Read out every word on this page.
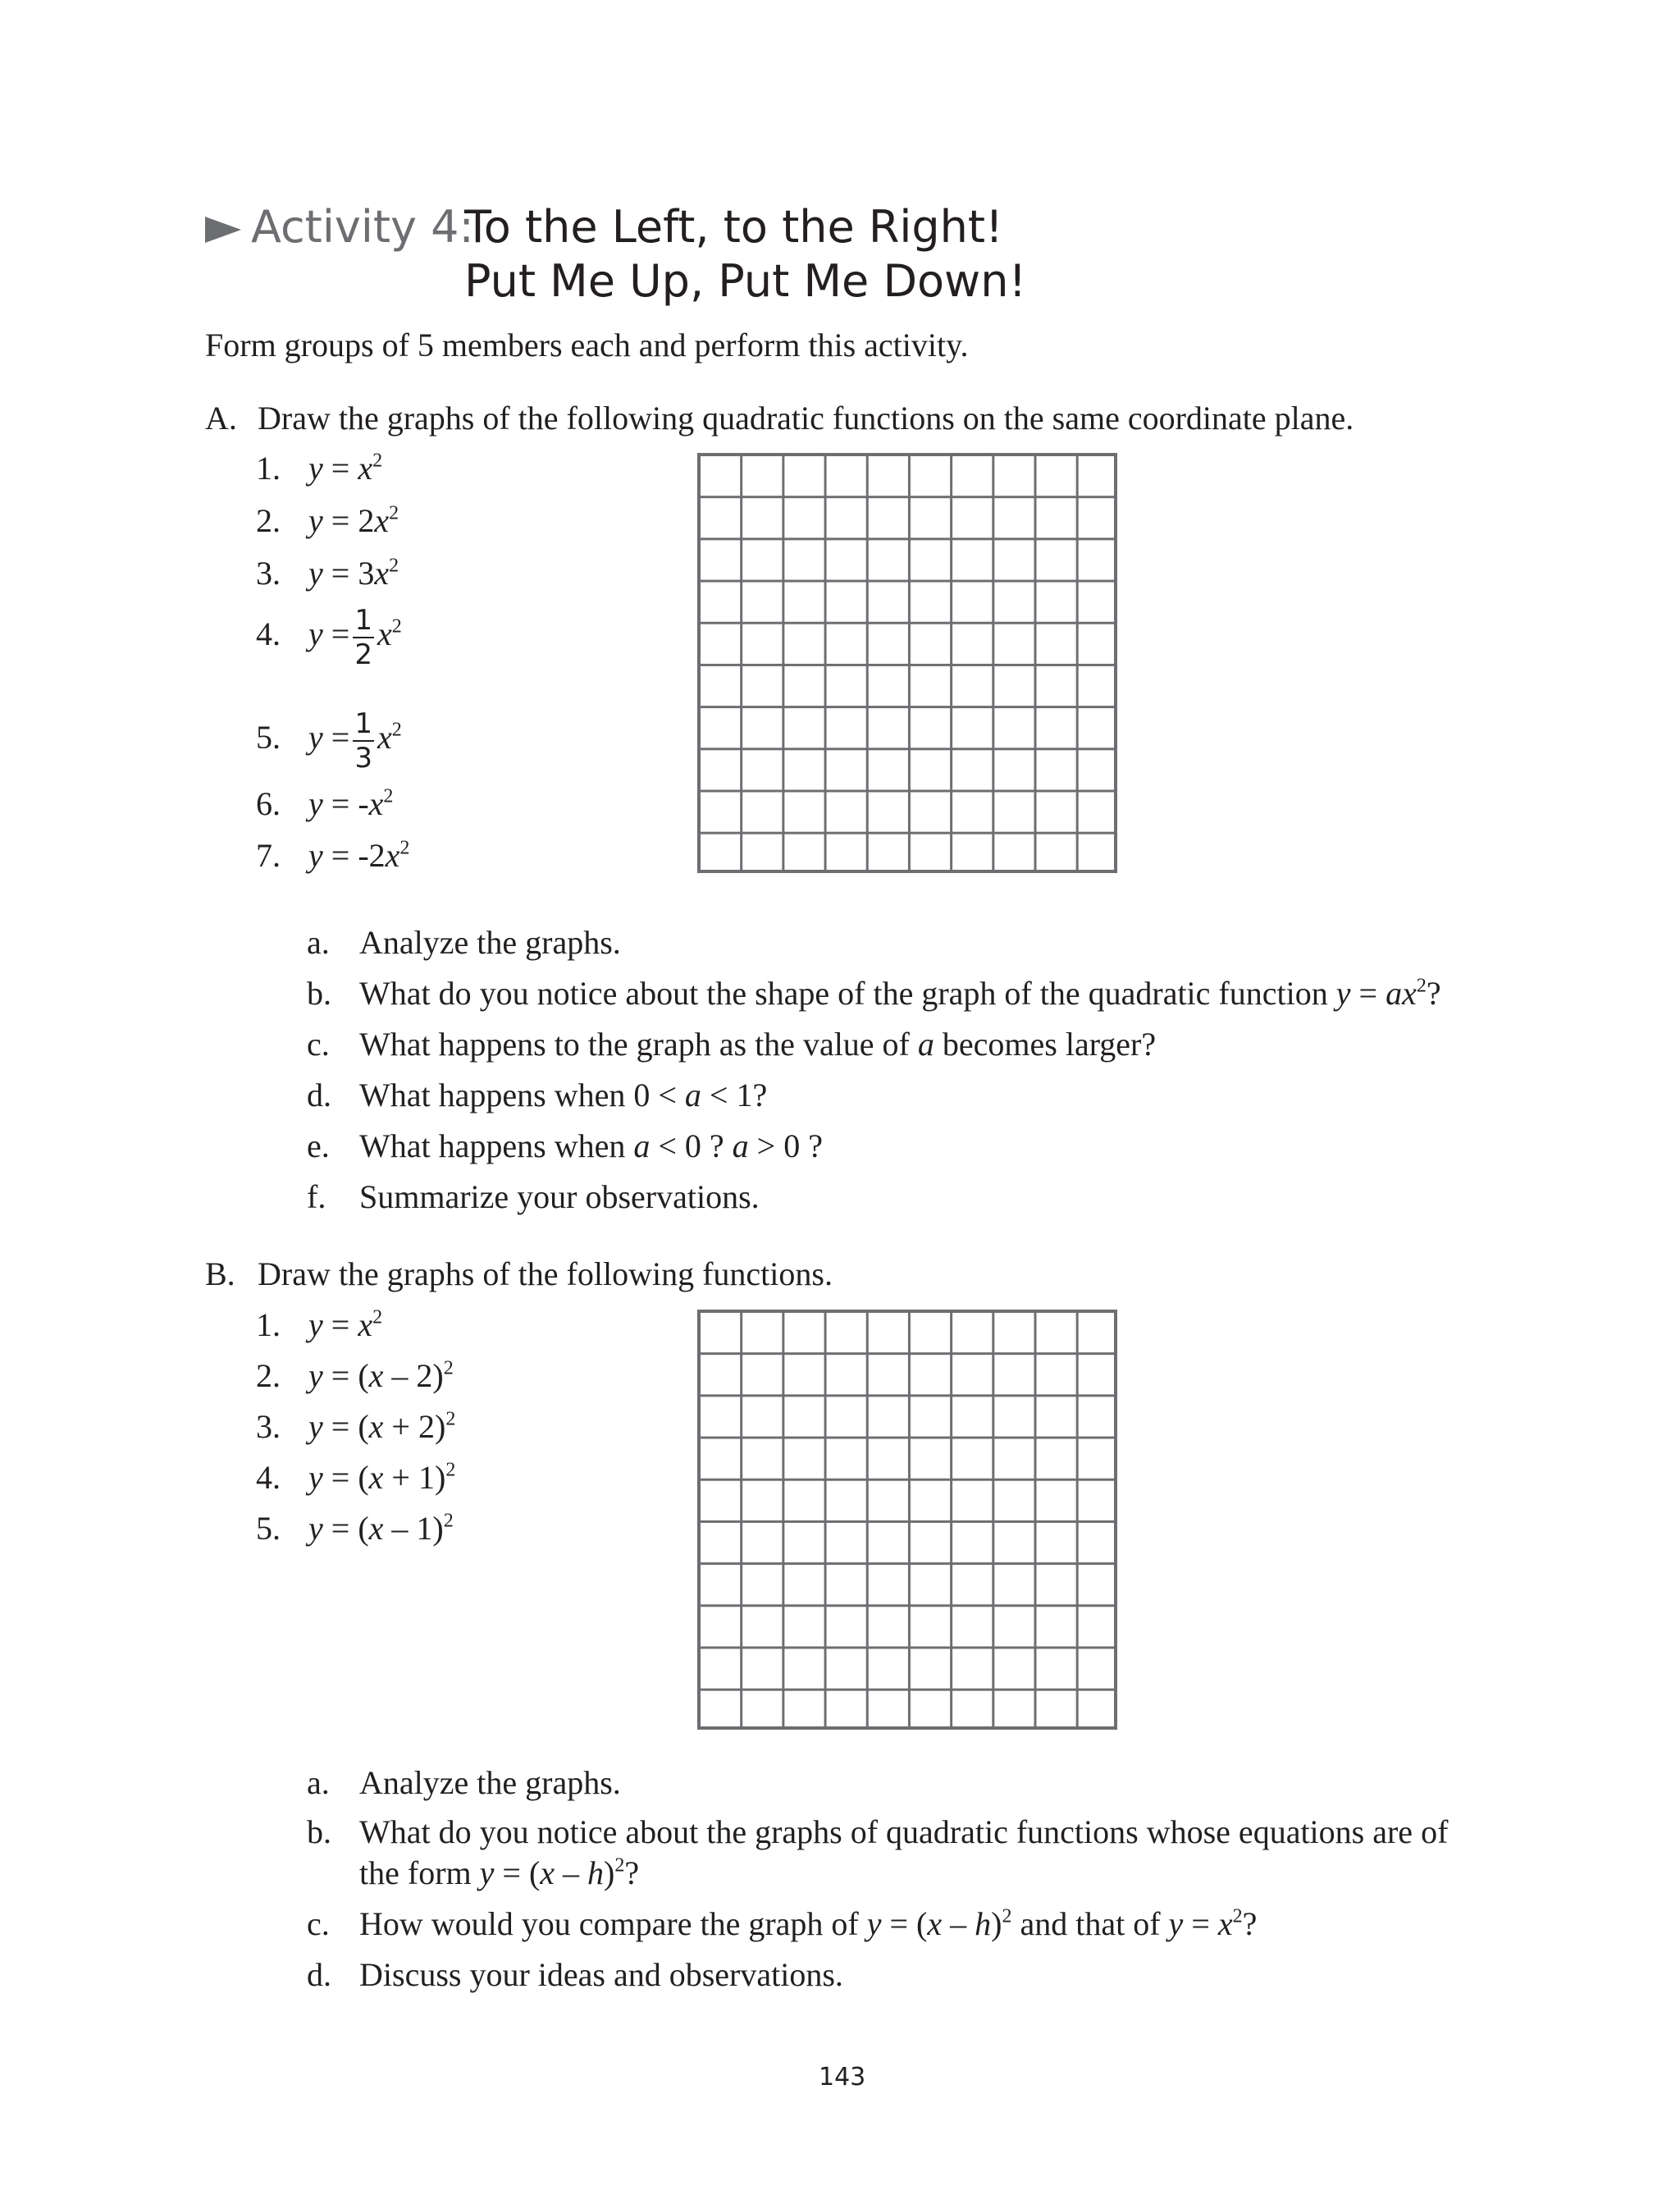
Activity 4:
To the Left, to the Right!
Put Me Up, Put Me Down!
Form groups of 5 members each and perform this activity.
A. Draw the graphs of the following quadratic functions on the same coordinate plane.
1. $y = x^2$
2. $y = 2x^2$
3. $y = 3x^2$
4. $y = \frac{1}{2} x^2$
5. $y = \frac{1}{3} x^2$
6. $y = -x^2$
7. $y = -2x^2$
a. Analyze the graphs.
b. What do you notice about the shape of the graph of the quadratic function $y = ax^2$?
c. What happens to the graph as the value of a becomes larger?
d. What happens when 0 < a < 1?
e. What happens when a < 0 ? a > 0 ?
f. Summarize your observations.
B. Draw the graphs of the following functions.
1. $y = x^2$
2. y = (x – 2)$^2$
3. $y = (x + 2)^2$
4. $y = (x + 1)^2$
5. y = (x – 1)$^2$
a. Analyze the graphs.
b. What do you notice about the graphs of quadratic functions whose equations are of
the form y = (x – h)$^2$?
c. How would you compare the graph of y = (x – h)$^2$ and that of $y = x^2$?
d. Discuss your ideas and observations.
143
